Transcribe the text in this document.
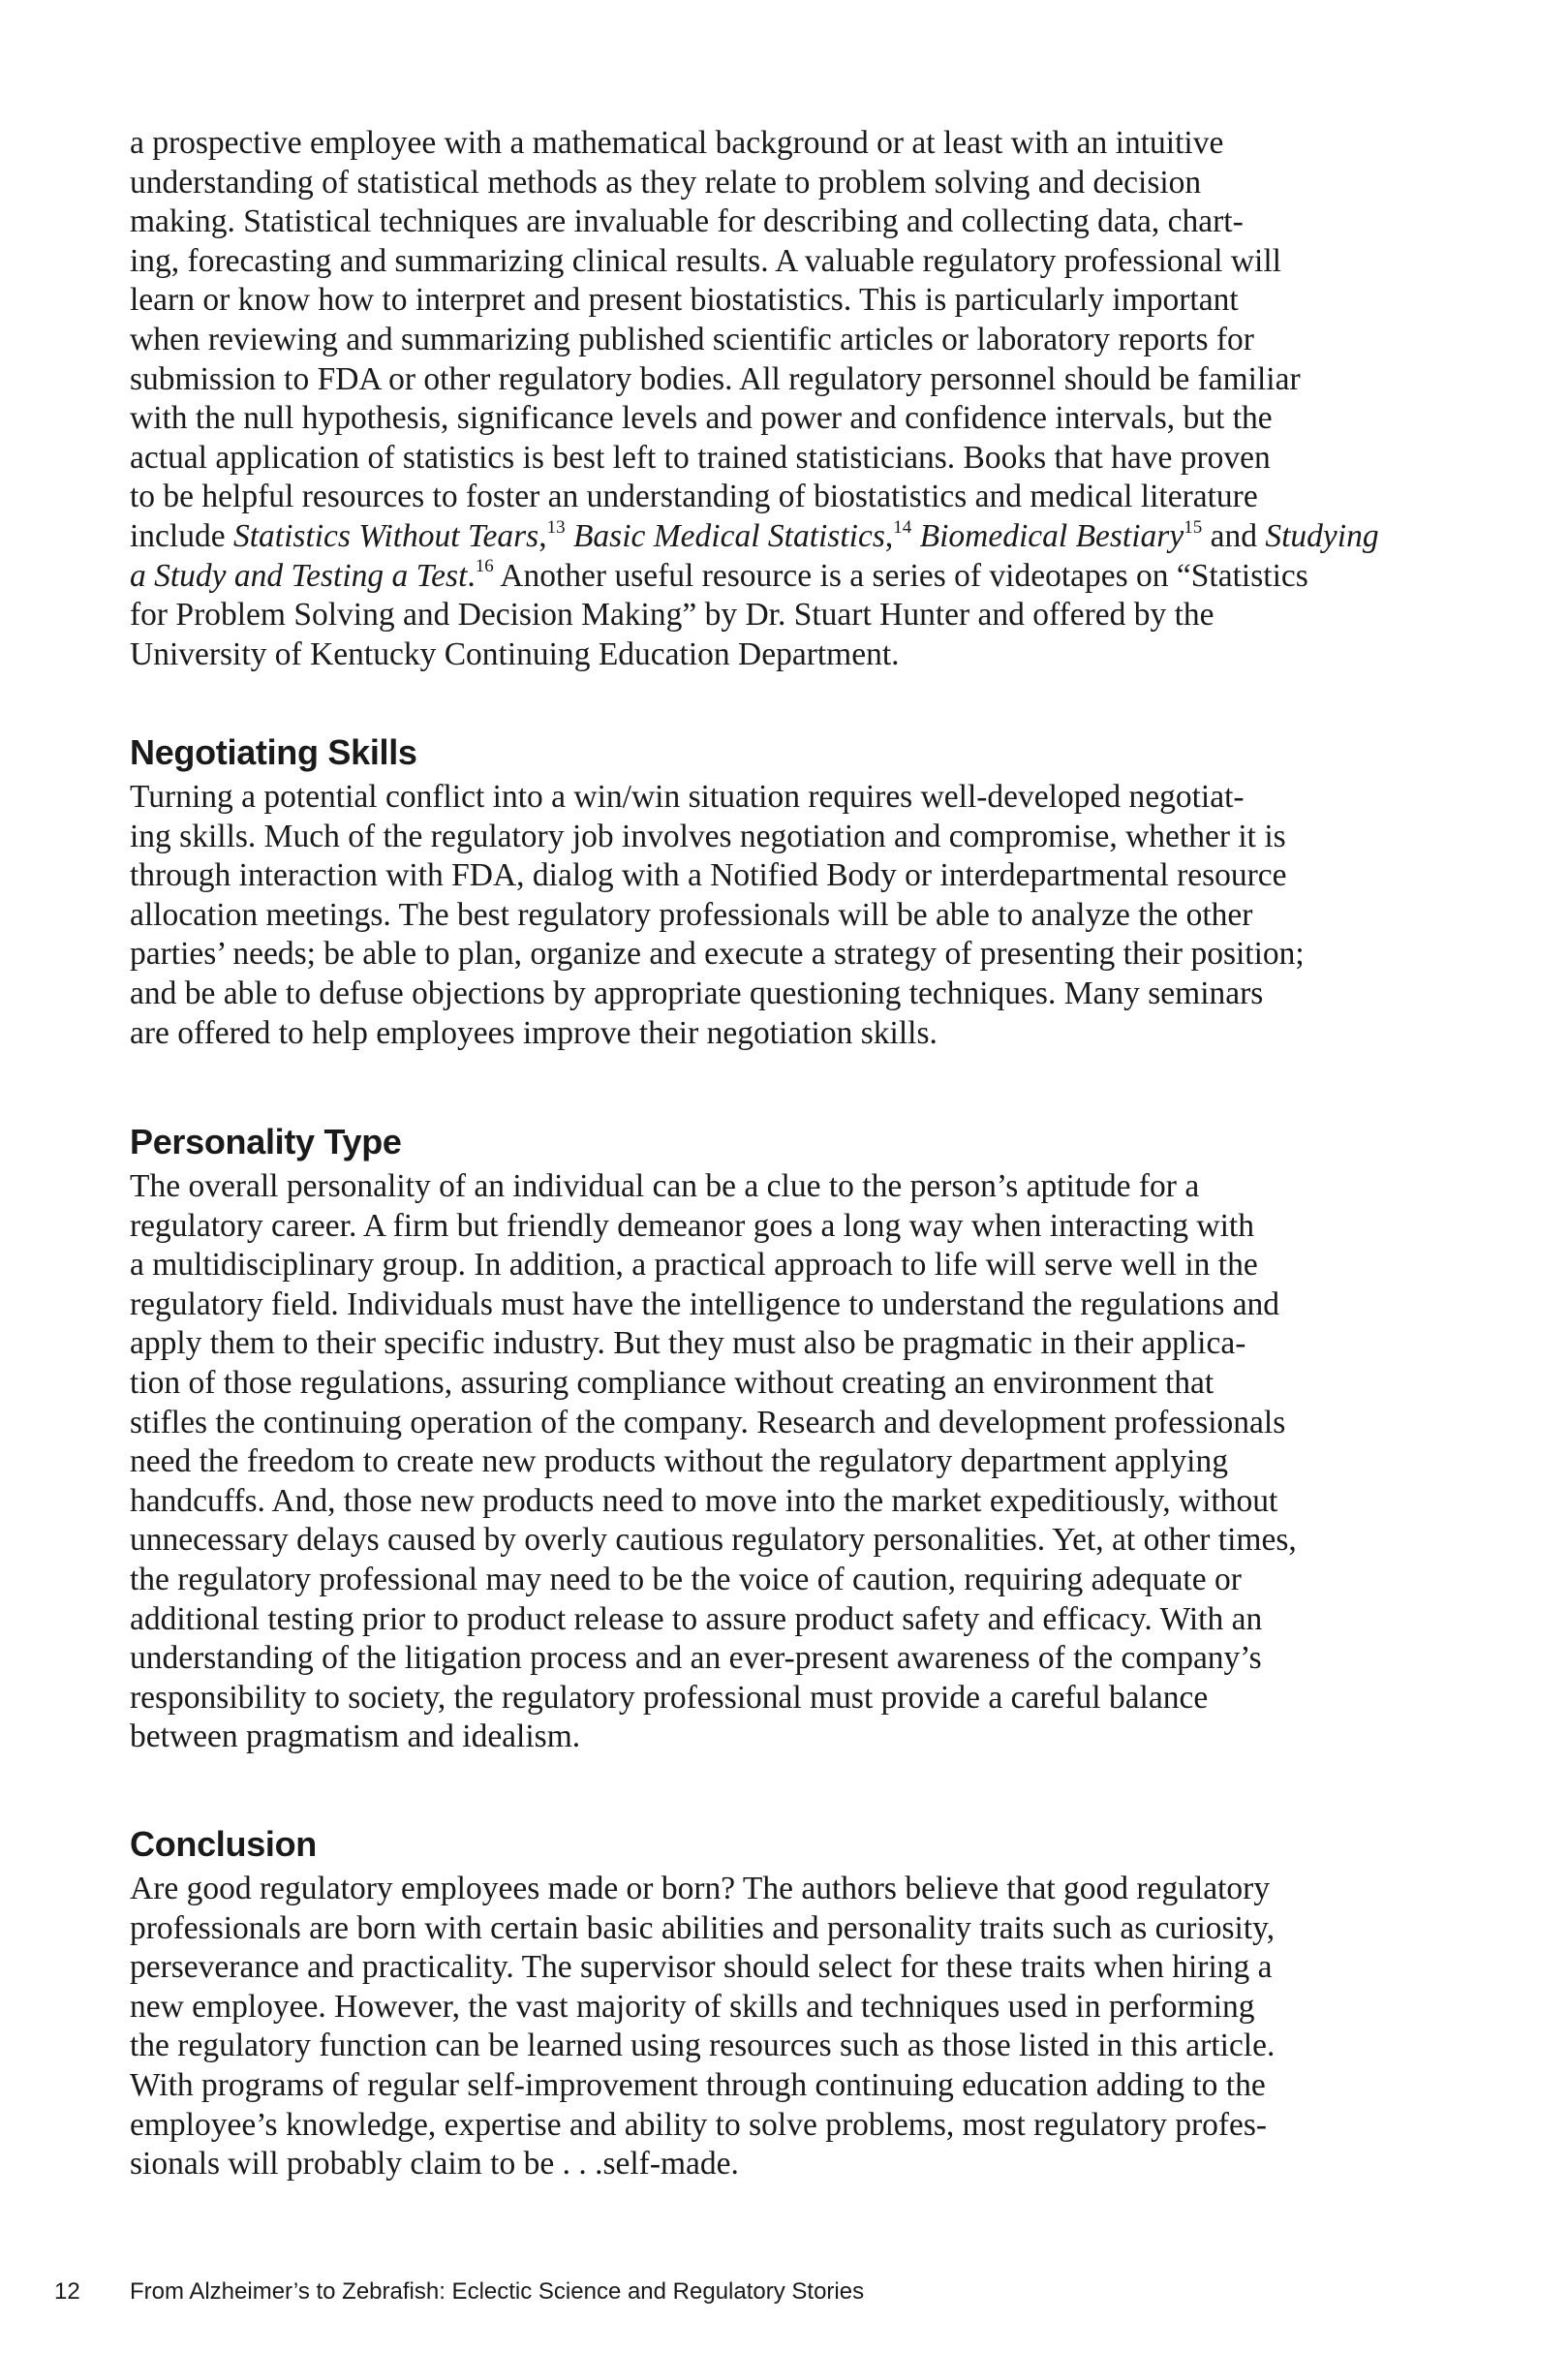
a prospective employee with a mathematical background or at least with an intuitive
understanding of statistical methods as they relate to problem solving and decision
making. Statistical techniques are invaluable for describing and collecting data, chart-
ing, forecasting and summarizing clinical results. A valuable regulatory professional will
learn or know how to interpret and present biostatistics. This is particularly important
when reviewing and summarizing published scientific articles or laboratory reports for
submission to FDA or other regulatory bodies. All regulatory personnel should be familiar
with the null hypothesis, significance levels and power and confidence intervals, but the
actual application of statistics is best left to trained statisticians. Books that have proven
to be helpful resources to foster an understanding of biostatistics and medical literature
include Statistics Without Tears,$^{13}$ Basic Medical Statistics,$^{14}$ Biomedical Bestiary$^{15}$ and Studying
a Study and Testing a Test.$^{16}$ Another useful resource is a series of videotapes on “Statistics
for Problem Solving and Decision Making” by Dr. Stuart Hunter and offered by the
University of Kentucky Continuing Education Department.
Negotiating Skills
Turning a potential conflict into a win/win situation requires well-developed negotiat-
ing skills. Much of the regulatory job involves negotiation and compromise, whether it is
through interaction with FDA, dialog with a Notified Body or interdepartmental resource
allocation meetings. The best regulatory professionals will be able to analyze the other
parties’ needs; be able to plan, organize and execute a strategy of presenting their position;
and be able to defuse objections by appropriate questioning techniques. Many seminars
are offered to help employees improve their negotiation skills.
Personality Type
The overall personality of an individual can be a clue to the person’s aptitude for a
regulatory career. A firm but friendly demeanor goes a long way when interacting with
a multidisciplinary group. In addition, a practical approach to life will serve well in the
regulatory field. Individuals must have the intelligence to understand the regulations and
apply them to their specific industry. But they must also be pragmatic in their applica-
tion of those regulations, assuring compliance without creating an environment that
stifles the continuing operation of the company. Research and development professionals
need the freedom to create new products without the regulatory department applying
handcuffs. And, those new products need to move into the market expeditiously, without
unnecessary delays caused by overly cautious regulatory personalities. Yet, at other times,
the regulatory professional may need to be the voice of caution, requiring adequate or
additional testing prior to product release to assure product safety and efficacy. With an
understanding of the litigation process and an ever-present awareness of the company’s
responsibility to society, the regulatory professional must provide a careful balance
between pragmatism and idealism.
Conclusion
Are good regulatory employees made or born? The authors believe that good regulatory
professionals are born with certain basic abilities and personality traits such as curiosity,
perseverance and practicality. The supervisor should select for these traits when hiring a
new employee. However, the vast majority of skills and techniques used in performing
the regulatory function can be learned using resources such as those listed in this article.
With programs of regular self-improvement through continuing education adding to the
employee’s knowledge, expertise and ability to solve problems, most regulatory profes-
sionals will probably claim to be . . .self-made.
12 From Alzheimer’s to Zebrafish: Eclectic Science and Regulatory Stories
